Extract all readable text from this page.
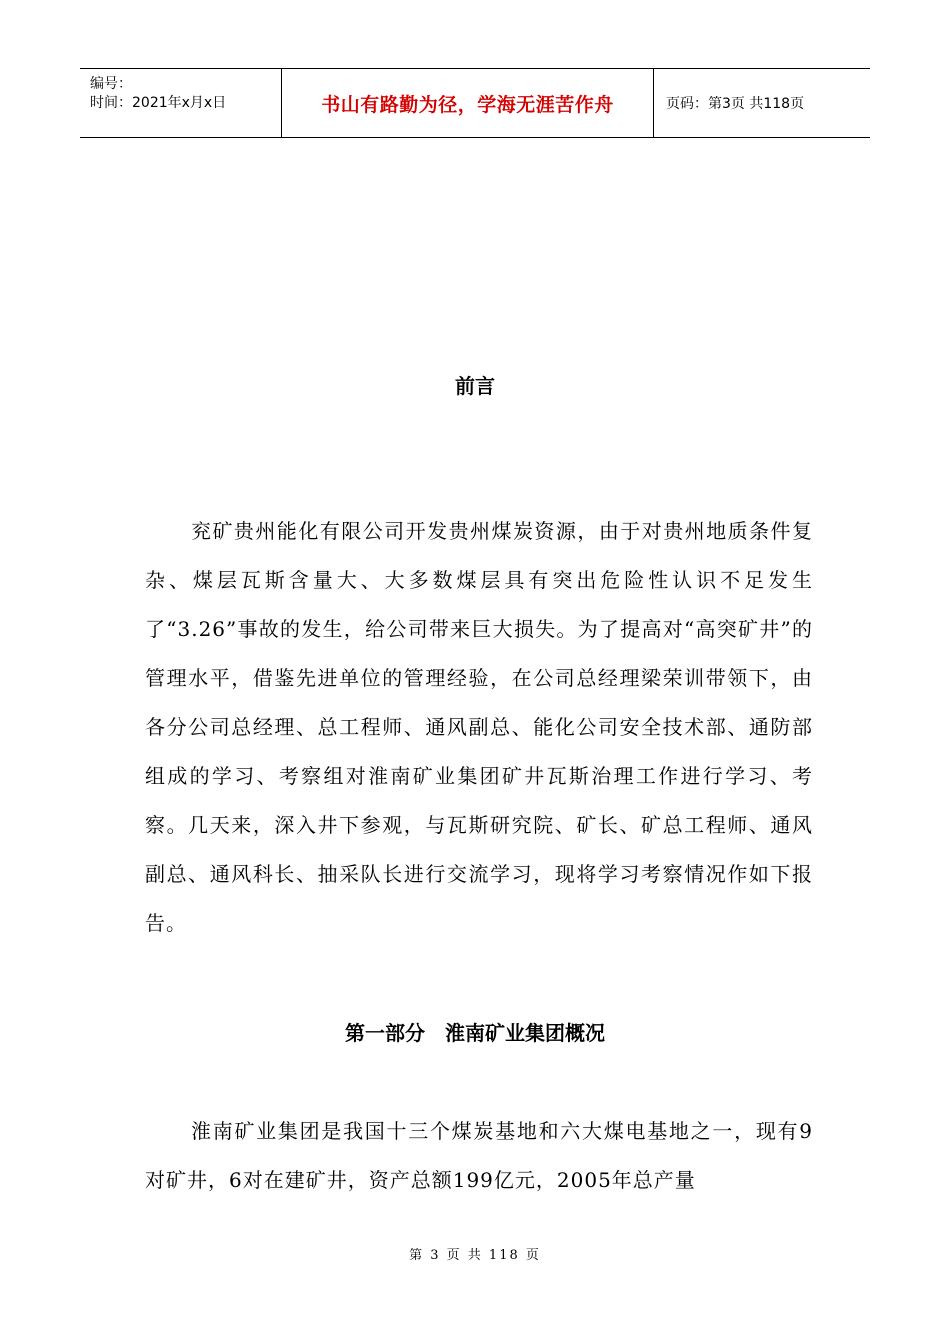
编号：
时间：2021年x月x日	书山有路勤为径，学海无涯苦作舟	页码：第3页 共118页
前言

兖矿贵州能化有限公司开发贵州煤炭资源，由于对贵州地质条件复杂、煤层瓦斯含量大、大多数煤层具有突出危险性认识不足发生了“3.26”事故的发生，给公司带来巨大损失。为了提高对“高突矿井”的管理水平，借鉴先进单位的管理经验，在公司总经理梁荣训带领下，由各分公司总经理、总工程师、通风副总、能化公司安全技术部、通防部组成的学习、考察组对淮南矿业集团矿井瓦斯治理工作进行学习、考察。几天来，深入井下参观，与瓦斯研究院、矿长、矿总工程师、通风副总、通风科长、抽采队长进行交流学习，现将学习考察情况作如下报告。

第一部分　淮南矿业集团概况

淮南矿业集团是我国十三个煤炭基地和六大煤电基地之一，现有9对矿井，6对在建矿井，资产总额199亿元，2005年总产量

第 3 页 共 118 页
